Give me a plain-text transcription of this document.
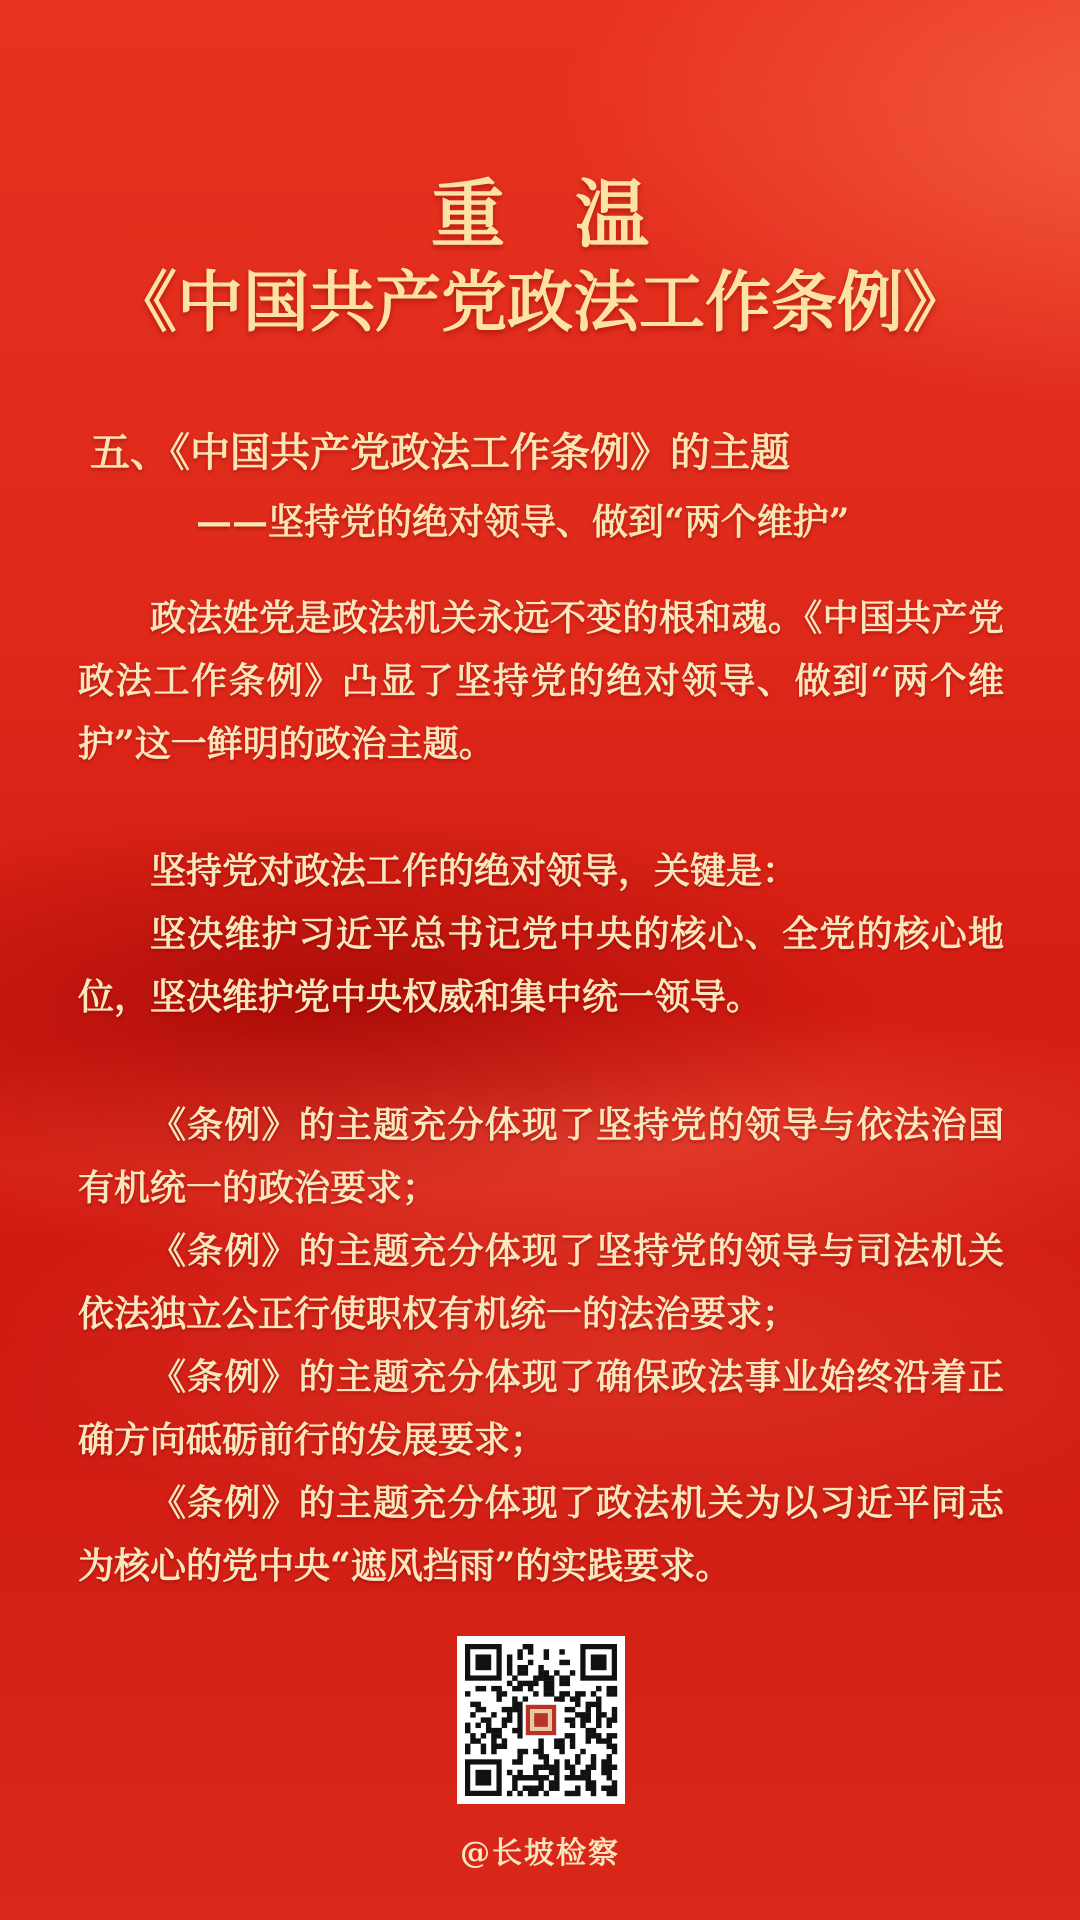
重温
《中国共产党政法工作条例》
五、《中国共产党政法工作条例》的主题
——坚持党的绝对领导、做到“两个维护”

政法姓党是政法机关永远不变的根和魂。《中国共产党政法工作条例》凸显了坚持党的绝对领导、做到“两个维护”这一鲜明的政治主题。

坚持党对政法工作的绝对领导，关键是：

坚决维护习近平总书记党中央的核心、全党的核心地位，坚决维护党中央权威和集中统一领导。

《条例》的主题充分体现了坚持党的领导与依法治国有机统一的政治要求；

《条例》的主题充分体现了坚持党的领导与司法机关依法独立公正行使职权有机统一的法治要求；

《条例》的主题充分体现了确保政法事业始终沿着正确方向砥砺前行的发展要求；

《条例》的主题充分体现了政法机关为以习近平同志为核心的党中央“遮风挡雨”的实践要求。

@长坡检察
